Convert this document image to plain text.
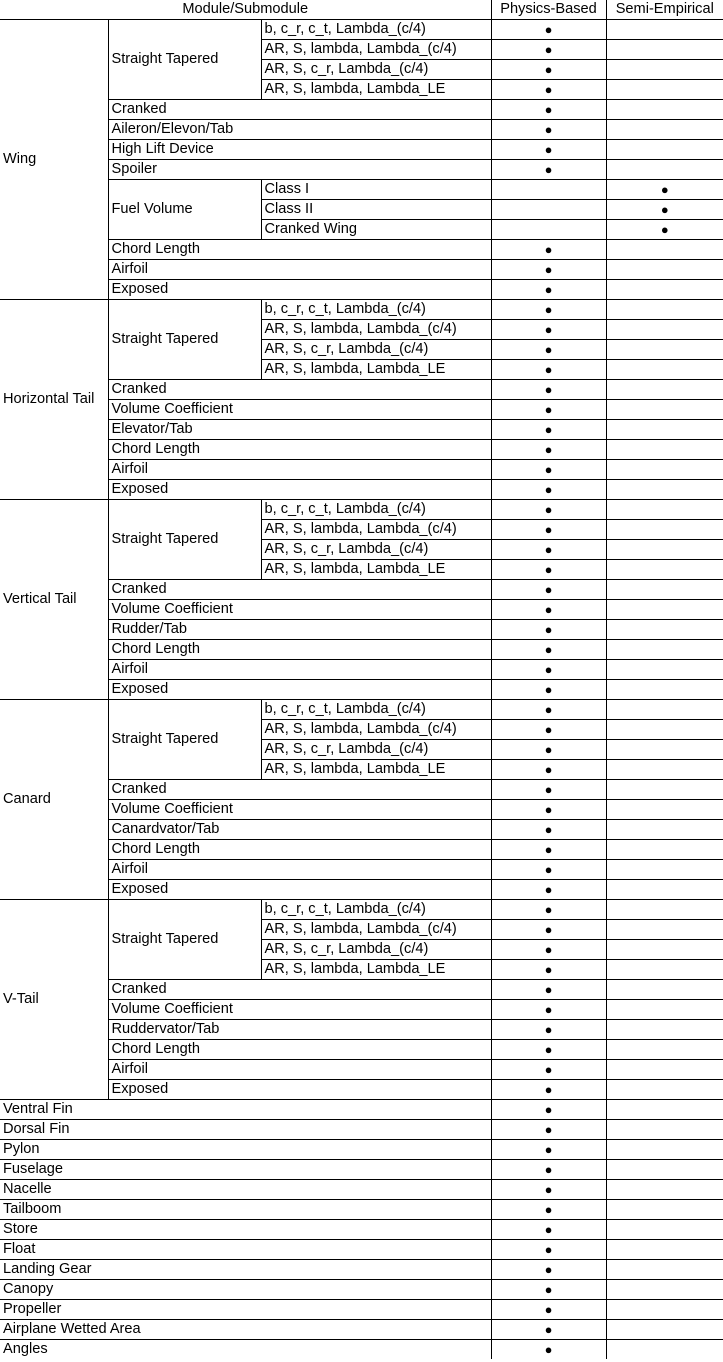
Module/Submodule			Physics-Based	Semi-Empirical
Wing	Straight Tapered	b, c_r, c_t, Lambda_(c/4)	●	
		AR, S, lambda, Lambda_(c/4)	●	
		AR, S, c_r, Lambda_(c/4)	●	
		AR, S, lambda, Lambda_LE	●	
	Cranked		●	
	Aileron/Elevon/Tab		●	
	High Lift Device		●	
	Spoiler		●	
	Fuel Volume	Class I		●
		Class II		●
		Cranked Wing		●
	Chord Length		●	
	Airfoil		●	
	Exposed		●	
Horizontal Tail	Straight Tapered	b, c_r, c_t, Lambda_(c/4)	●	
		AR, S, lambda, Lambda_(c/4)	●	
		AR, S, c_r, Lambda_(c/4)	●	
		AR, S, lambda, Lambda_LE	●	
	Cranked		●	
	Volume Coefficient		●	
	Elevator/Tab		●	
	Chord Length		●	
	Airfoil		●	
	Exposed		●	
Vertical Tail	Straight Tapered	b, c_r, c_t, Lambda_(c/4)	●	
		AR, S, lambda, Lambda_(c/4)	●	
		AR, S, c_r, Lambda_(c/4)	●	
		AR, S, lambda, Lambda_LE	●	
	Cranked		●	
	Volume Coefficient		●	
	Rudder/Tab		●	
	Chord Length		●	
	Airfoil		●	
	Exposed		●	
Canard	Straight Tapered	b, c_r, c_t, Lambda_(c/4)	●	
		AR, S, lambda, Lambda_(c/4)	●	
		AR, S, c_r, Lambda_(c/4)	●	
		AR, S, lambda, Lambda_LE	●	
	Cranked		●	
	Volume Coefficient		●	
	Canardvator/Tab		●	
	Chord Length		●	
	Airfoil		●	
	Exposed		●	
V-Tail	Straight Tapered	b, c_r, c_t, Lambda_(c/4)	●	
		AR, S, lambda, Lambda_(c/4)	●	
		AR, S, c_r, Lambda_(c/4)	●	
		AR, S, lambda, Lambda_LE	●	
	Cranked		●	
	Volume Coefficient		●	
	Ruddervator/Tab		●	
	Chord Length		●	
	Airfoil		●	
	Exposed		●	
Ventral Fin			●	
Dorsal Fin			●	
Pylon			●	
Fuselage			●	
Nacelle			●	
Tailboom			●	
Store			●	
Float			●	
Landing Gear			●	
Canopy			●	
Propeller			●	
Airplane Wetted Area			●	
Angles			●	
